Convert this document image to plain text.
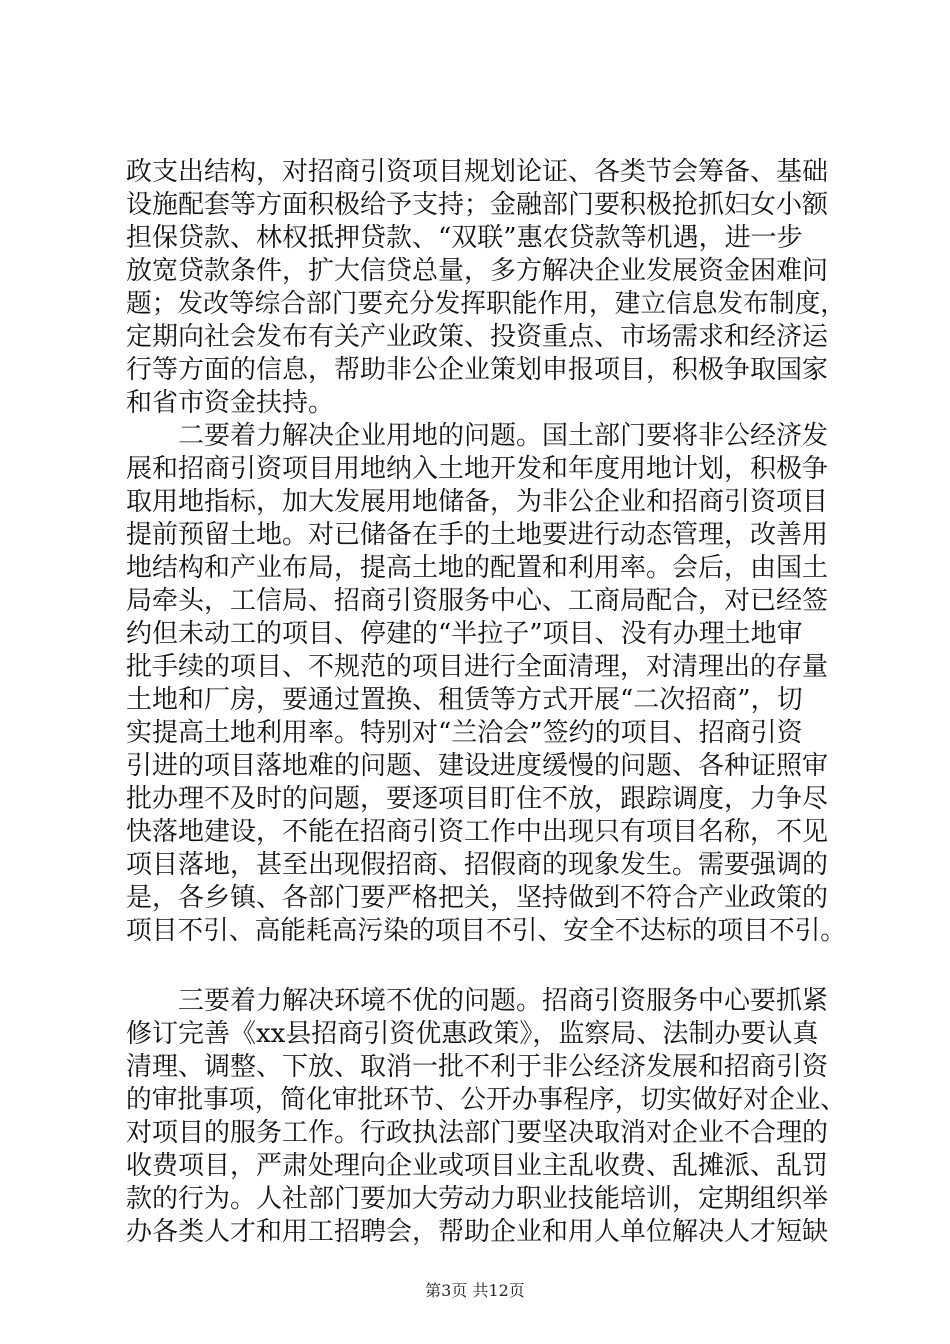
政支出结构，对招商引资项目规划论证、各类节会筹备、基础
设施配套等方面积极给予支持；金融部门要积极抢抓妇女小额
担保贷款、林权抵押贷款、“双联”惠农贷款等机遇，进一步
放宽贷款条件，扩大信贷总量，多方解决企业发展资金困难问
题；发改等综合部门要充分发挥职能作用，建立信息发布制度，
定期向社会发布有关产业政策、投资重点、市场需求和经济运
行等方面的信息，帮助非公企业策划申报项目，积极争取国家
和省市资金扶持。
　　二要着力解决企业用地的问题。国土部门要将非公经济发
展和招商引资项目用地纳入土地开发和年度用地计划，积极争
取用地指标，加大发展用地储备，为非公企业和招商引资项目
提前预留土地。对已储备在手的土地要进行动态管理，改善用
地结构和产业布局，提高土地的配置和利用率。会后，由国土
局牵头，工信局、招商引资服务中心、工商局配合，对已经签
约但未动工的项目、停建的“半拉子”项目、没有办理土地审
批手续的项目、不规范的项目进行全面清理，对清理出的存量
土地和厂房，要通过置换、租赁等方式开展“二次招商”，切
实提高土地利用率。特别对“兰洽会”签约的项目、招商引资
引进的项目落地难的问题、建设进度缓慢的问题、各种证照审
批办理不及时的问题，要逐项目盯住不放，跟踪调度，力争尽
快落地建设，不能在招商引资工作中出现只有项目名称，不见
项目落地，甚至出现假招商、招假商的现象发生。需要强调的
是，各乡镇、各部门要严格把关，坚持做到不符合产业政策的
项目不引、高能耗高污染的项目不引、安全不达标的项目不引。
　　三要着力解决环境不优的问题。招商引资服务中心要抓紧
修订完善《xx县招商引资优惠政策》，监察局、法制办要认真
清理、调整、下放、取消一批不利于非公经济发展和招商引资
的审批事项，简化审批环节、公开办事程序，切实做好对企业、
对项目的服务工作。行政执法部门要坚决取消对企业不合理的
收费项目，严肃处理向企业或项目业主乱收费、乱摊派、乱罚
款的行为。人社部门要加大劳动力职业技能培训，定期组织举
办各类人才和用工招聘会，帮助企业和用人单位解决人才短缺
第3页 共12页
